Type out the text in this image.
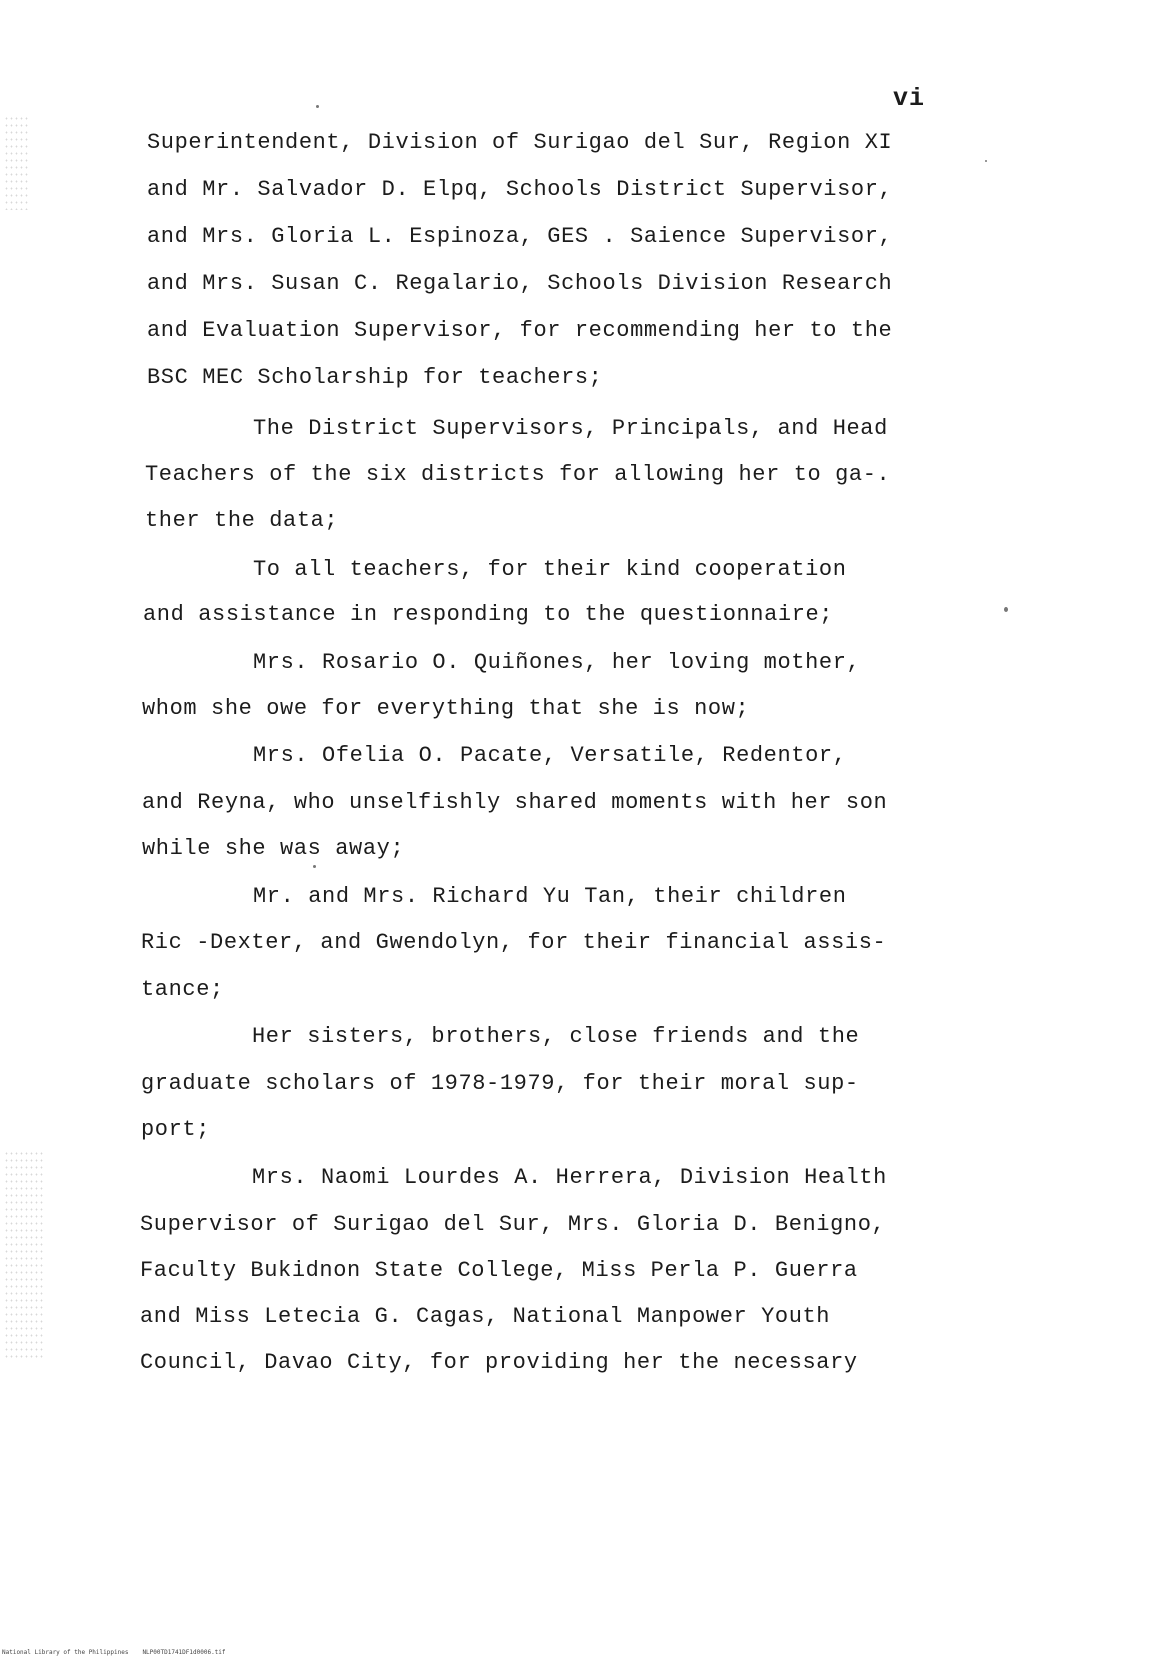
vi
Superintendent, Division of Surigao del Sur, Region XI
and Mr. Salvador D. Elpq, Schools District Supervisor,
and Mrs. Gloria L. Espinoza, GES . Saience Supervisor,
and Mrs. Susan C. Regalario, Schools Division Research
and Evaluation Supervisor, for recommending her to the
BSC MEC Scholarship for teachers;
The District Supervisors, Principals, and Head
Teachers of the six districts for allowing her to ga-.
ther the data;
To all teachers, for their kind cooperation
and assistance in responding to the questionnaire;
Mrs. Rosario O. Quiñones, her loving mother,
whom she owe for everything that she is now;
Mrs. Ofelia O. Pacate, Versatile, Redentor,
and Reyna, who unselfishly shared moments with her son
while she was away;
Mr. and Mrs. Richard Yu Tan, their children
Ric -Dexter, and Gwendolyn, for their financial assis-
tance;
Her sisters, brothers, close friends and the
graduate scholars of 1978-1979, for their moral sup-
port;
Mrs. Naomi Lourdes A. Herrera, Division Health
Supervisor of Surigao del Sur, Mrs. Gloria D. Benigno,
Faculty Bukidnon State College, Miss Perla P. Guerra
and Miss Letecia G. Cagas, National Manpower Youth
Council, Davao City, for providing her the necessary
National Library of the Philippines NLP00TD1741DF1d0006.tif
